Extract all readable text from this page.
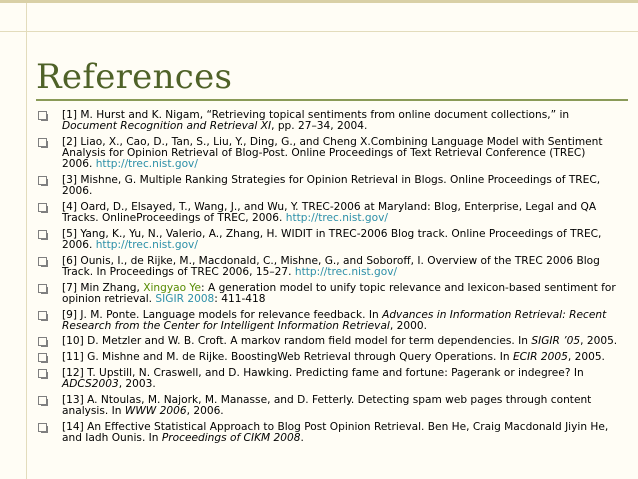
References
[1] M. Hurst and K. Nigam, “Retrieving topical sentiments from online document collections,” in Document Recognition and Retrieval XI, pp. 27–34, 2004.
[2] Liao, X., Cao, D., Tan, S., Liu, Y., Ding, G., and Cheng X.Combining Language Model with Sentiment Analysis for Opinion Retrieval of Blog-Post. Online Proceedings of Text Retrieval Conference (TREC) 2006. http://trec.nist.gov/
[3] Mishne, G. Multiple Ranking Strategies for Opinion Retrieval in Blogs. Online Proceedings of TREC, 2006.
[4] Oard, D., Elsayed, T., Wang, J., and Wu, Y. TREC-2006 at Maryland: Blog, Enterprise, Legal and QA Tracks. OnlineProceedings of TREC, 2006. http://trec.nist.gov/
[5] Yang, K., Yu, N., Valerio, A., Zhang, H. WIDIT in TREC-2006 Blog track. Online Proceedings of TREC, 2006. http://trec.nist.gov/
[6] Ounis, I., de Rijke, M., Macdonald, C., Mishne, G., and Soboroff, I. Overview of the TREC 2006 Blog Track. In Proceedings of TREC 2006, 15–27. http://trec.nist.gov/
[7] Min Zhang, Xingyao Ye: A generation model to unify topic relevance and lexicon-based sentiment for opinion retrieval. SIGIR 2008: 411-418
[9] J. M. Ponte. Language models for relevance feedback. In Advances in Information Retrieval: Recent Research from the Center for Intelligent Information Retrieval, 2000.
[10] D. Metzler and W. B. Croft. A markov random field model for term dependencies. In SIGIR ’05, 2005.
[11] G. Mishne and M. de Rijke. BoostingWeb Retrieval through Query Operations. In ECIR 2005, 2005.
[12] T. Upstill, N. Craswell, and D. Hawking. Predicting fame and fortune: Pagerank or indegree? In ADCS2003, 2003.
[13] A. Ntoulas, M. Najork, M. Manasse, and D. Fetterly. Detecting spam web pages through content analysis. In WWW 2006, 2006.
[14] An Effective Statistical Approach to Blog Post Opinion Retrieval. Ben He, Craig Macdonald Jiyin He, and Iadh Ounis. In Proceedings of CIKM 2008.
